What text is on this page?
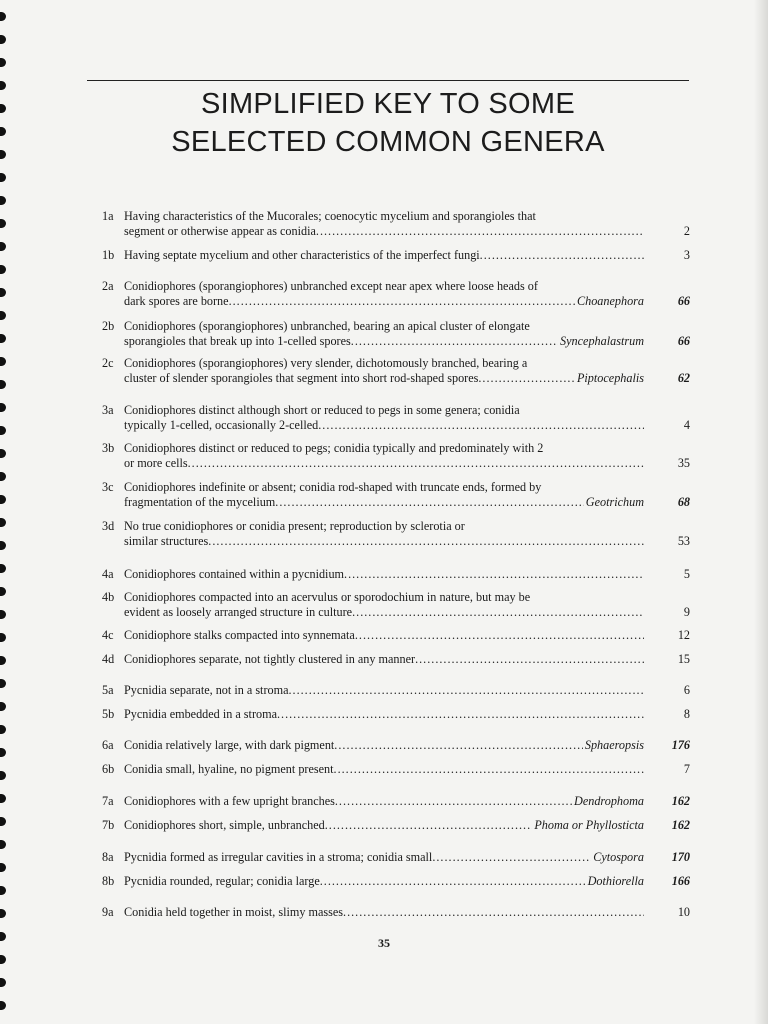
SIMPLIFIED KEY TO SOME
SELECTED COMMON GENERA
1a Having characteristics of the Mucorales; coenocytic mycelium and sporangioles that
segment or otherwise appear as conidia .....	2
1b Having septate mycelium and other characteristics of the imperfect fungi .....	3
2a Conidiophores (sporangiophores) unbranched except near apex where loose heads of
dark spores are borne .....	Choanephora	66
2b Conidiophores (sporangiophores) unbranched, bearing an apical cluster of elongate
sporangioles that break up into 1-celled spores .....	Syncephalastrum	66
2c Conidiophores (sporangiophores) very slender, dichotomously branched, bearing a
cluster of slender sporangioles that segment into short rod-shaped spores .....	Piptocephalis	62
3a Conidiophores distinct although short or reduced to pegs in some genera; conidia
typically 1-celled, occasionally 2-celled .....	4
3b Conidiophores distinct or reduced to pegs; conidia typically and predominately with 2
or more cells .....	35
3c Conidiophores indefinite or absent; conidia rod-shaped with truncate ends, formed by
fragmentation of the mycelium .....	Geotrichum	68
3d No true conidiophores or conidia present; reproduction by sclerotia or
similar structures .....	53
4a Conidiophores contained within a pycnidium .....	5
4b Conidiophores compacted into an acervulus or sporodochium in nature, but may be
evident as loosely arranged structure in culture .....	9
4c Conidiophore stalks compacted into synnemata .....	12
4d Conidiophores separate, not tightly clustered in any manner .....	15
5a Pycnidia separate, not in a stroma .....	6
5b Pycnidia embedded in a stroma .....	8
6a Conidia relatively large, with dark pigment .....	Sphaeropsis	176
6b Conidia small, hyaline, no pigment present .....	7
7a Conidiophores with a few upright branches .....	Dendrophoma	162
7b Conidiophores short, simple, unbranched .....	Phoma or Phyllosticta	162
8a Pycnidia formed as irregular cavities in a stroma; conidia small .....	Cytospora	170
8b Pycnidia rounded, regular; conidia large .....	Dothiorella	166
9a Conidia held together in moist, slimy masses .....	10
35
